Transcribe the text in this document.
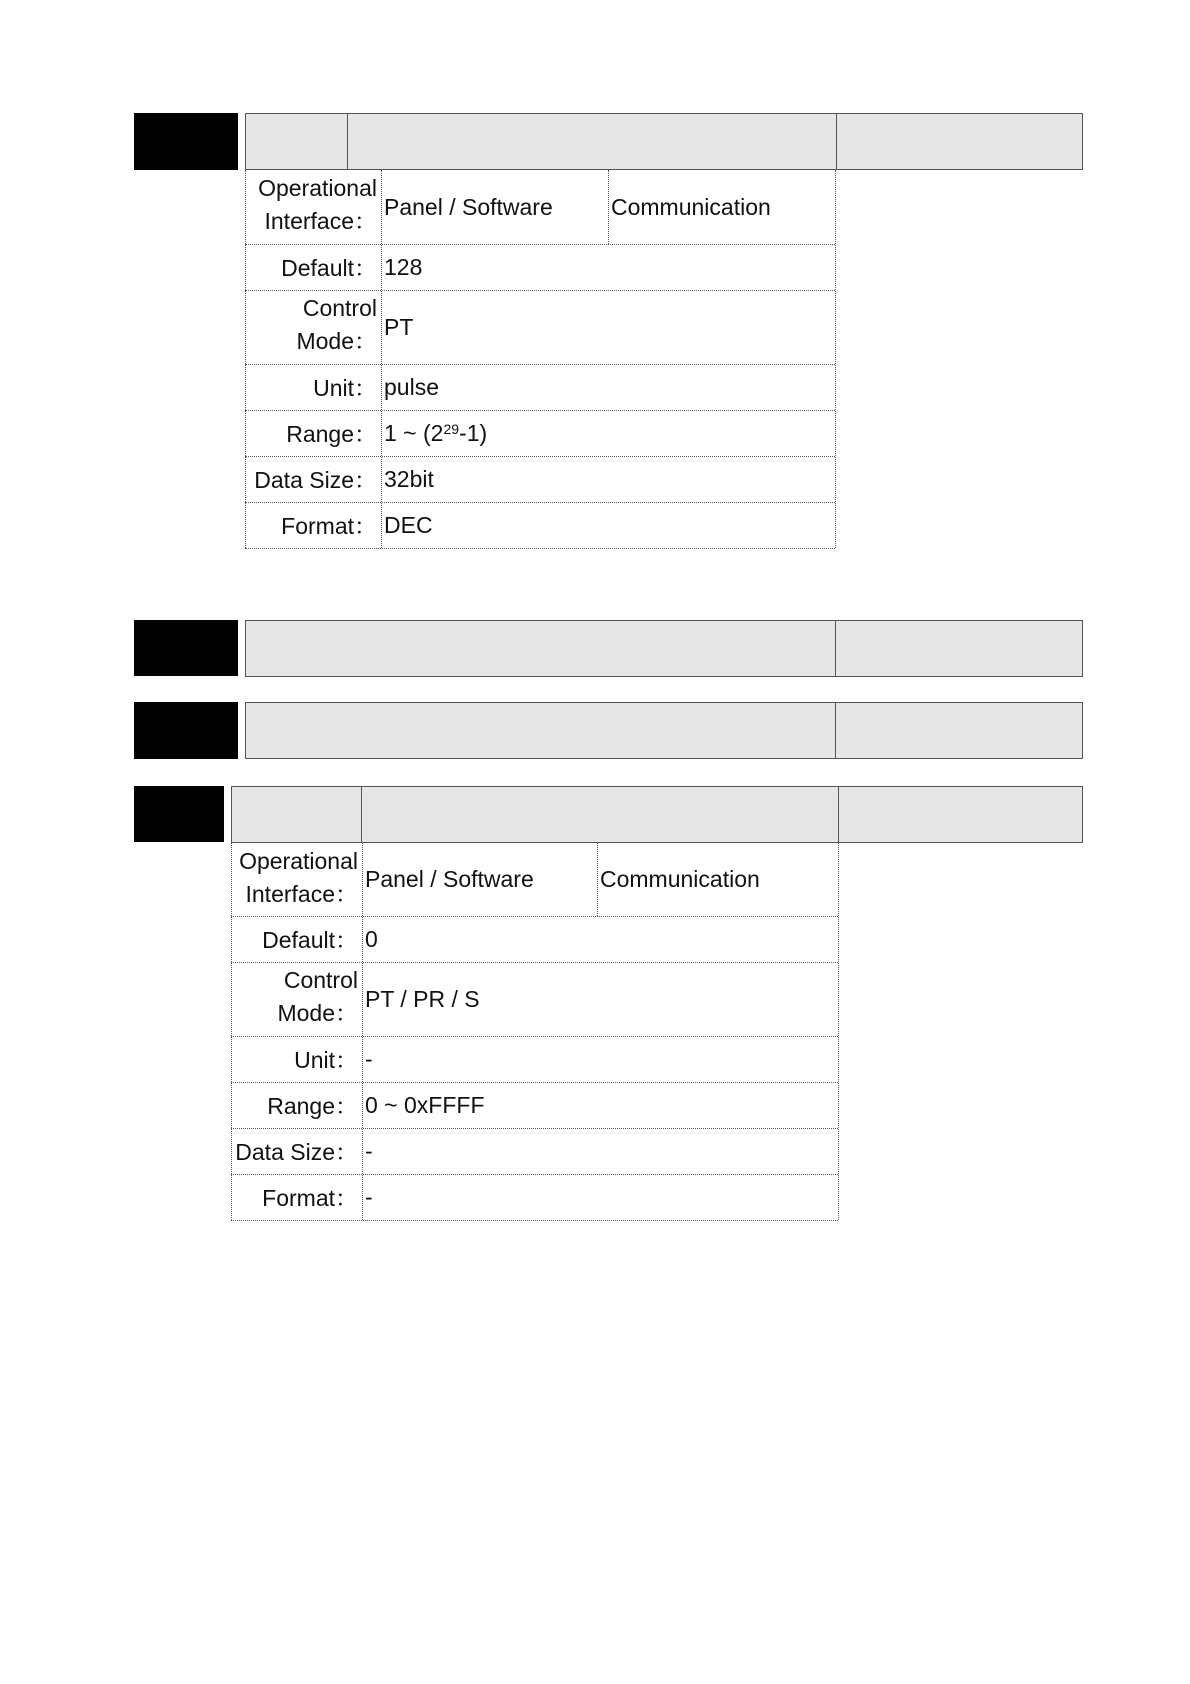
Operational
Interface：
Panel / Software	Communication
Default： 128
Control
Mode：
PT
Unit： pulse
Range： 1 ~ ($2^{29}$ -1)
Data Size： 32bit
Format： DEC
Operational
Interface：
Panel / Software	Communication
Default： 0
Control
Mode：
PT / PR / S
Unit： -
Range： 0 ~ 0xFFFF
Data Size： -
Format： -
